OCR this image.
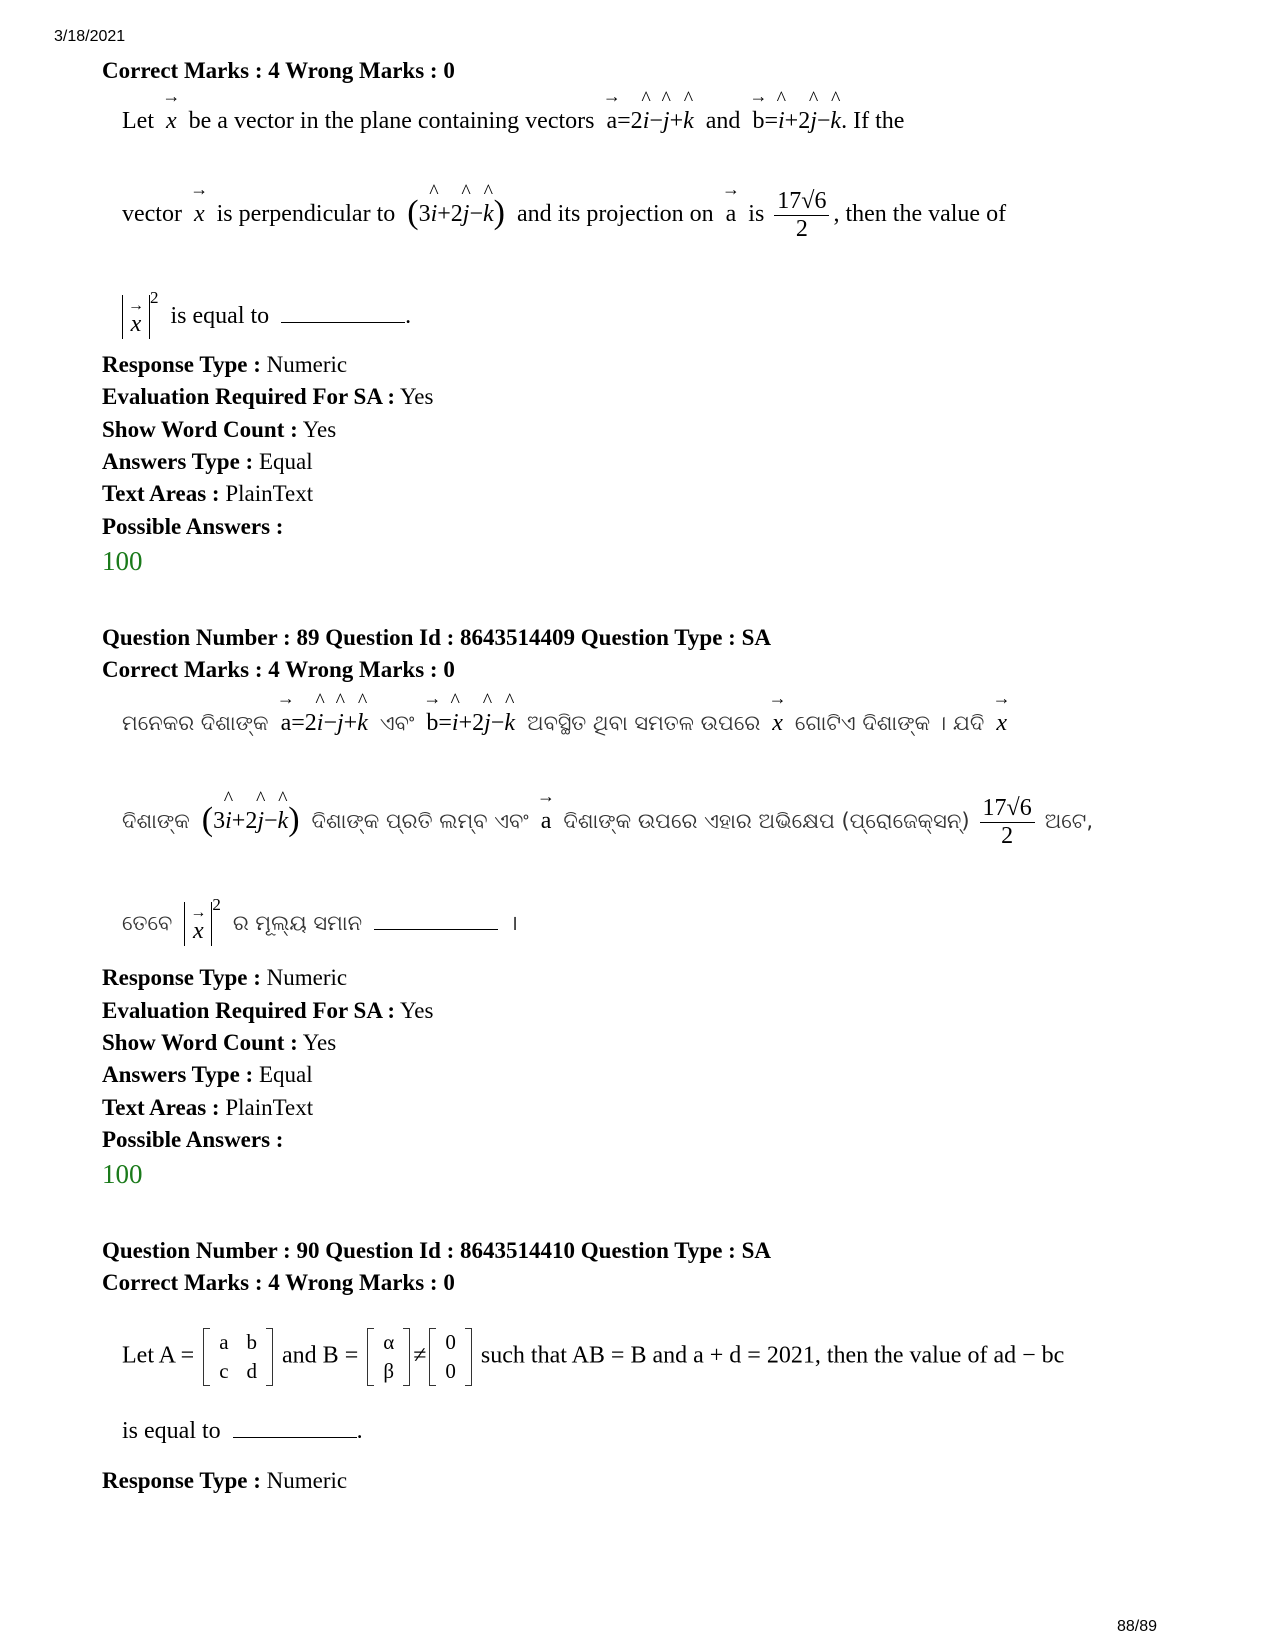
3/18/2021
Correct Marks : 4 Wrong Marks : 0
Let → x be a vector in the plane containing vectors → a=2^ i−^ j+^ k and → b=^ i+2^ j−^ k. If the
vector → x is perpendicular to (3^ i+2^ j−^ k) and its projection on → a is $\frac{17√6}{2}$ , then the value of
→
x
$^2$  is equal to	.
Response Type : Numeric
Evaluation Required For SA : Yes
Show Word Count : Yes
Answers Type : Equal
Text Areas : PlainText
Possible Answers :
100
Question Number : 89 Question Id : 8643514409 Question Type : SA
Correct Marks : 4 Wrong Marks : 0
ମନେକର ଦିଶାଙ୍କ → a=2^ i−^ j+^ k ଏବଂ → b=^ i+2^ j−^ k ଅବସ୍ଥିତ ଥିବା ସମତଳ ଉପରେ → x ଗୋଟିଏ ଦିଶାଙ୍କ । ଯଦି → x
ଦିଶାଙ୍କ (3^ i+2^ j−^ k) ଦିଶାଙ୍କ ପ୍ରତି ଲମ୍ବ ଏବଂ → a ଦିଶାଙ୍କ ଉପରେ ଏହାର ଅଭିକ୍ଷେପ (ପ୍ରୋଜେକ୍ସନ୍) $\frac{17√6}{2}$ ଅଟେ,
ତେବେ →
x
$^2$  ର ମୂଲ୍ୟ ସମାନ	।
Response Type : Numeric
Evaluation Required For SA : Yes
Show Word Count : Yes
Answers Type : Equal
Text Areas : PlainText
Possible Answers :
100
Question Number : 90 Question Id : 8643514410 Question Type : SA
Correct Marks : 4 Wrong Marks : 0
Let A =
a	b
c	d
and B =
α
β
≠
0
0
such that AB = B and a + d = 2021, then the value of ad − bc
is equal to	.
Response Type : Numeric
88/89
